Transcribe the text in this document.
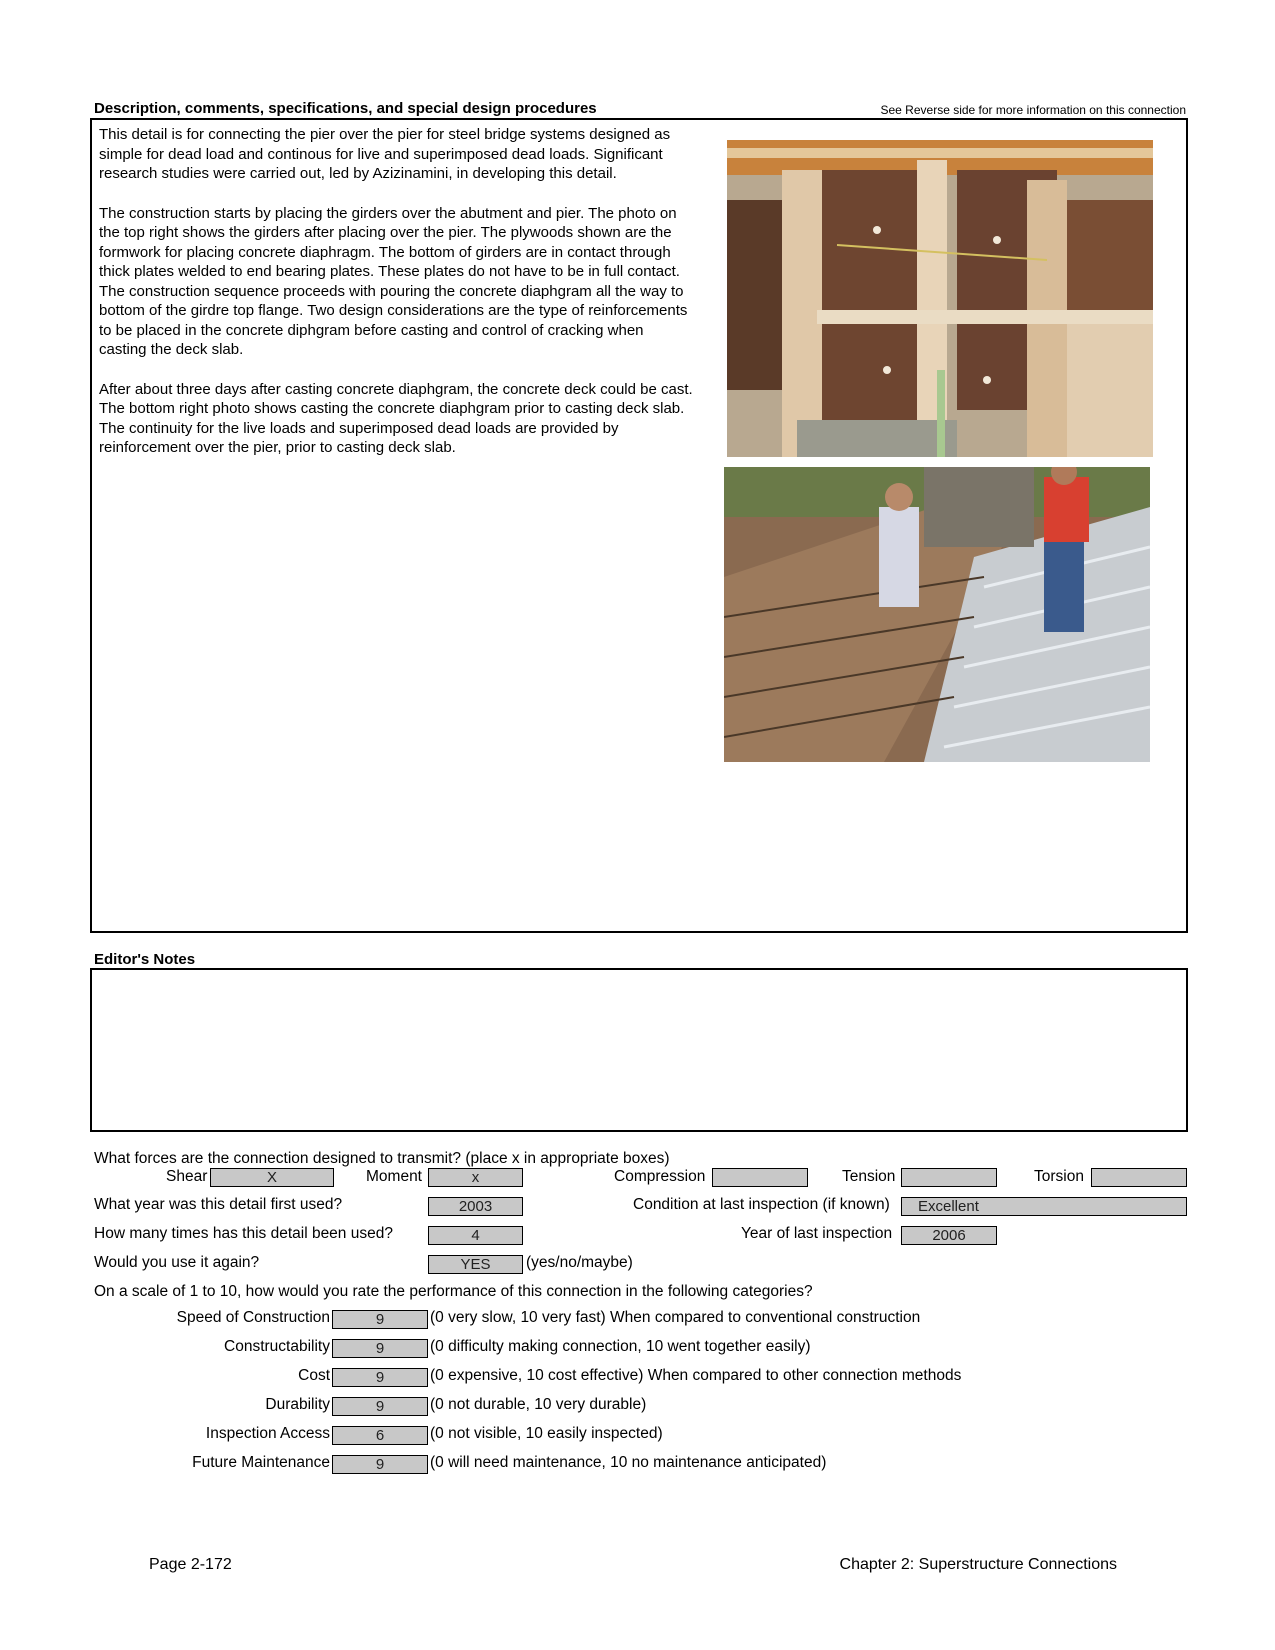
Description, comments, specifications, and special design procedures	See Reverse side for more information on this connection

This detail is for connecting the pier over the pier for steel bridge systems designed as simple for dead load and continous for live and superimposed dead loads. Significant research studies were carried out, led by Azizinamini, in developing this detail.

The construction starts by placing the girders over the abutment and pier. The photo on the top right shows the girders after placing over the pier. The plywoods shown are the formwork for placing concrete diaphragm. The bottom of girders are in contact through thick plates welded to end bearing plates. These plates do not have to be in full contact. The construction sequence proceeds with pouring the concrete diaphgram all the way to bottom of the girdre top flange. Two design considerations are the type of reinforcements to be placed in the concrete diphgram before casting and control of cracking when casting the deck slab.

After about three days after casting concrete diaphgram, the concrete deck could be cast. The bottom right photo shows casting the concrete diaphgram prior to casting deck slab. The continuity for the live loads and superimposed dead loads are provided by reinforcement over the pier, prior to casting deck slab.

Editor's Notes
What forces are the connection designed to transmit? (place x in appropriate boxes)
Shear	X	Moment	x	Compression	Tension	Torsion
What year was this detail first used?	2003	Condition at last inspection (if known)	Excellent
How many times has this detail been used?	4	Year of last inspection	2006
Would you use it again?	YES	(yes/no/maybe)
On a scale of 1 to 10, how would you rate the performance of this connection in the following categories?
Speed of Construction	9	(0 very slow, 10 very fast) When compared to conventional construction
Constructability	9	(0 difficulty making connection, 10 went together easily)
Cost	9	(0 expensive, 10 cost effective) When compared to other connection methods
Durability	9	(0 not durable, 10 very durable)
Inspection Access	6	(0 not visible, 10 easily inspected)
Future Maintenance	9	(0 will need maintenance, 10 no maintenance anticipated)
Page 2-172	Chapter 2: Superstructure Connections
